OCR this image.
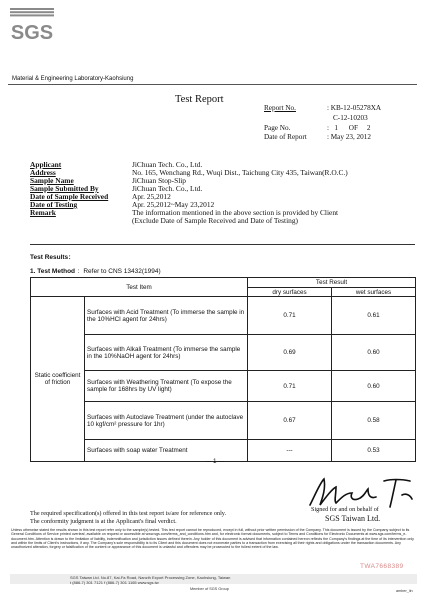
SGS
Material & Engineering Laboratory-Kaohsiung
Test Report
Report No.	: KB-12-05278XA
C-12-10203
Page No.	:   1      OF     2
Date of Report	: May 23, 2012
Applicant	JiChuan Tech. Co., Ltd.
Address	No. 165, Wenchang Rd., Wuqi Dist., Taichung City 435, Taiwan(R.O.C.)
Sample Name	JiChuan Stop-Slip
Sample Submitted By	JiChuan Tech. Co., Ltd.
Date of Sample Received	Apr. 25,2012
Date of Testing	Apr. 25,2012~May 23,2012
Remark	The information mentioned in the above section is provided by Client
(Exclude Date of Sample Received and Date of Testing)
Test Results：
1. Test Method ：Refer to CNS 13432(1994)
Test Item		Test Result	
		dry surfaces	wet surfaces
Static coefficient of friction	Surfaces with Acid Treatment (To immerse the sample in the 10%HCl agent for 24hrs)	0.71	0.61
	Surfaces with Alkali Treatment (To immerse the sample in the 10%NaOH agent for 24hrs)	0.69	0.60
	Surfaces with Weathering Treatment (To expose the sample for 168hrs by UV light)	0.71	0.60
	Surfaces with Autoclave Treatment (under the autoclave 10 kgf/cm² pressure for 1hr)	0.67	0.58
	Surfaces with soap water Treatment	---	0.53
--- 1 ---
Signed for and on behalf of
SGS Taiwan Ltd.
The required specification(s) offered in this test report is/are for reference only.
The conformity judgment is at the Applicant's final verdict.
Unless otherwise stated the results shown in this test report refer only to the sample(s) tested. This test report cannot be reproduced, except in full, without prior written permission of the Company. This document is issued by the Company subject to its General Conditions of Service printed overleaf, available on request or accessible at www.sgs.com/terms_and_conditions.htm and, for electronic format documents, subject to Terms and Conditions for Electronic Documents at www.sgs.com/terms_e-document.htm. Attention is drawn to the limitation of liability, indemnification and jurisdiction issues defined therein. Any holder of this document is advised that information contained hereon reflects the Company's findings at the time of its intervention only and within the limits of Client's instructions, if any. The Company's sole responsibility is to its Client and this document does not exonerate parties to a transaction from exercising all their rights and obligations under the transaction documents. Any unauthorized alteration, forgery or falsification of the content or appearance of this document is unlawful and offenders may be prosecuted to the fullest extent of the law.
SGS Taiwan Ltd. No.87, Kai-Fa Road, Nanzih Export Processing Zone, Kaohsiung, Taiwan
t (886-7) 301 7121 f (886-7) 301 1165 www.sgs.tw
TWA7668389
Member of SGS Group	amber_lin
